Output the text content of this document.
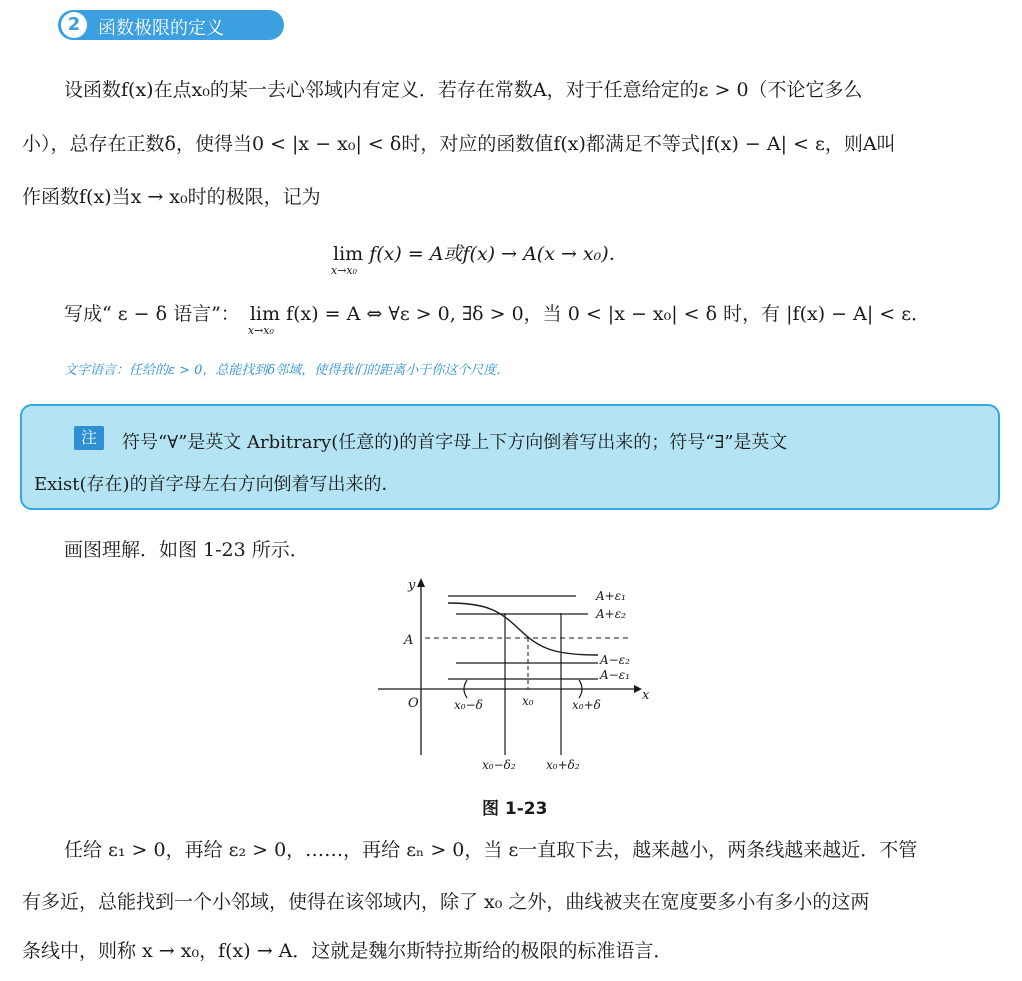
2 函数极限的定义
设函数f(x)在点x₀的某一去心邻域内有定义．若存在常数A，对于任意给定的ε > 0（不论它多么
小），总存在正数δ，使得当0 < |x − x₀| < δ时，对应的函数值f(x)都满足不等式|f(x) − A| < ε，则A叫
作函数f(x)当x → x₀时的极限，记为
lim
x→x₀
f(x) = A或f(x) → A(x → x₀)．
写成“ ε − δ 语言”： lim
x→x₀
f(x) = A ⇔ ∀ε > 0, ∃δ > 0，当 0 < |x − x₀| < δ 时，有 |f(x) − A| < ε．
文字语言：任给的ε > 0，总能找到δ邻域，使得我们的距离小于你这个尺度．
注	符号“∀”是英文 Arbitrary(任意的)的首字母上下方向倒着写出来的；符号“∃”是英文
Exist(存在)的首字母左右方向倒着写出来的．
画图理解．如图 1-23 所示．
y
x
O
A
A+ε₁
A+ε₂
A−ε₂
A−ε₁
x₀−δ	x₀	x₀+δ
x₀−δ₂	x₀+δ₂
图 1-23
任给 ε₁ > 0，再给 ε₂ > 0，……，再给 εₙ > 0，当 ε一直取下去，越来越小，两条线越来越近．不管
有多近，总能找到一个小邻域，使得在该邻域内，除了 x₀ 之外，曲线被夹在宽度要多小有多小的这两
条线中，则称 x → x₀，f(x) → A．这就是魏尔斯特拉斯给的极限的标准语言．
